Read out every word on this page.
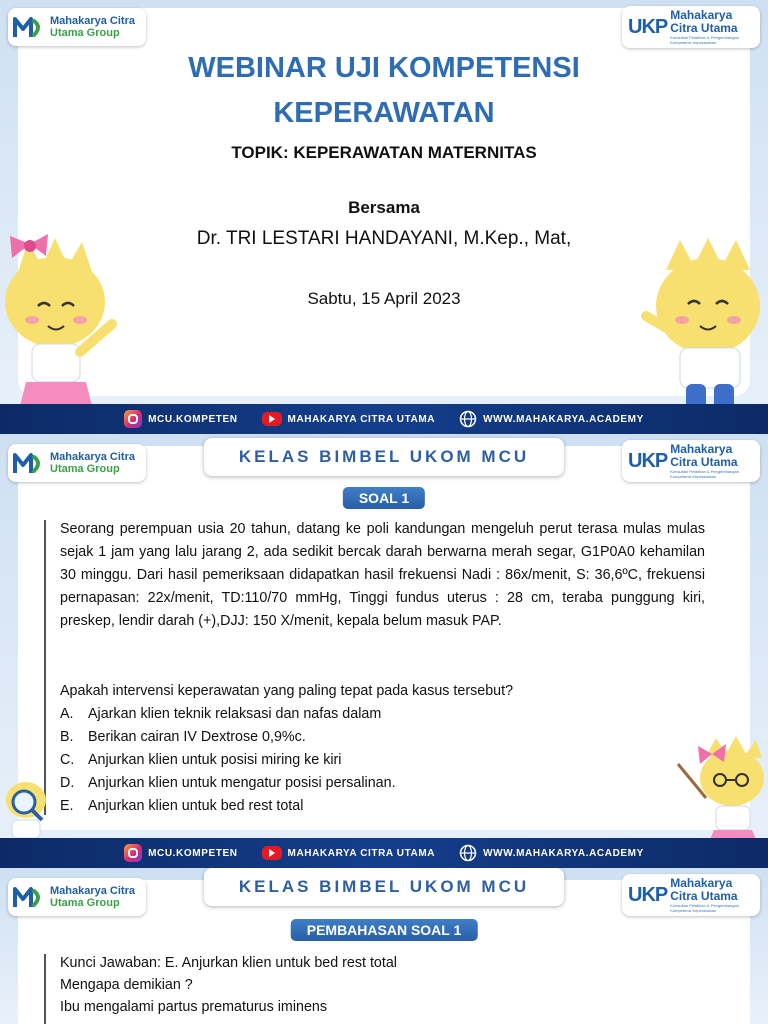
Mahakarya Citra
Utama Group	UKP
Mahakarya
Citra Utama
Konsultan Pelatihan & Pengembangan Kompetensi Keperawatan
WEBINAR UJI KOMPETENSI
KEPERAWATAN
TOPIK: KEPERAWATAN MATERNITAS
Bersama
Dr. TRI LESTARI HANDAYANI, M.Kep., Mat,
Sabtu, 15 April 2023
MCU.KOMPETEN	MAHAKARYA CITRA UTAMA	WWW.MAHAKARYA.ACADEMY
Mahakarya Citra
Utama Group
KELAS BIMBEL UKOM MCU	UKP
Mahakarya
Citra Utama
Konsultan Pelatihan & Pengembangan Kompetensi Keperawatan
SOAL 1
Seorang perempuan usia 20 tahun, datang ke poli kandungan mengeluh perut terasa mulas mulas sejak 1 jam yang lalu jarang 2, ada sedikit bercak darah berwarna merah segar, G1P0A0 kehamilan 30 minggu. Dari hasil pemeriksaan didapatkan hasil frekuensi Nadi : 86x/menit, S: 36,6ºC, frekuensi pernapasan: 22x/menit, TD:110/70 mmHg, Tinggi fundus uterus : 28 cm, teraba punggung kiri, preskep, lendir darah (+),DJJ: 150 X/menit, kepala belum masuk PAP.
Apakah intervensi keperawatan yang paling tepat pada kasus tersebut?
A.	Ajarkan klien teknik relaksasi dan nafas dalam
B.	Berikan cairan IV Dextrose 0,9%c.
C. Anjurkan klien untuk posisi miring ke kiri
D. Anjurkan klien untuk mengatur posisi persalinan.
E.	Anjurkan klien untuk bed rest total
MCU.KOMPETEN	MAHAKARYA CITRA UTAMA	WWW.MAHAKARYA.ACADEMY
Mahakarya Citra
Utama Group
KELAS BIMBEL UKOM MCU	UKP
Mahakarya
Citra Utama
Konsultan Pelatihan & Pengembangan Kompetensi Keperawatan
PEMBAHASAN SOAL 1
Kunci Jawaban: E. Anjurkan klien untuk bed rest total
Mengapa demikian ?
Ibu mengalami partus prematurus iminens
